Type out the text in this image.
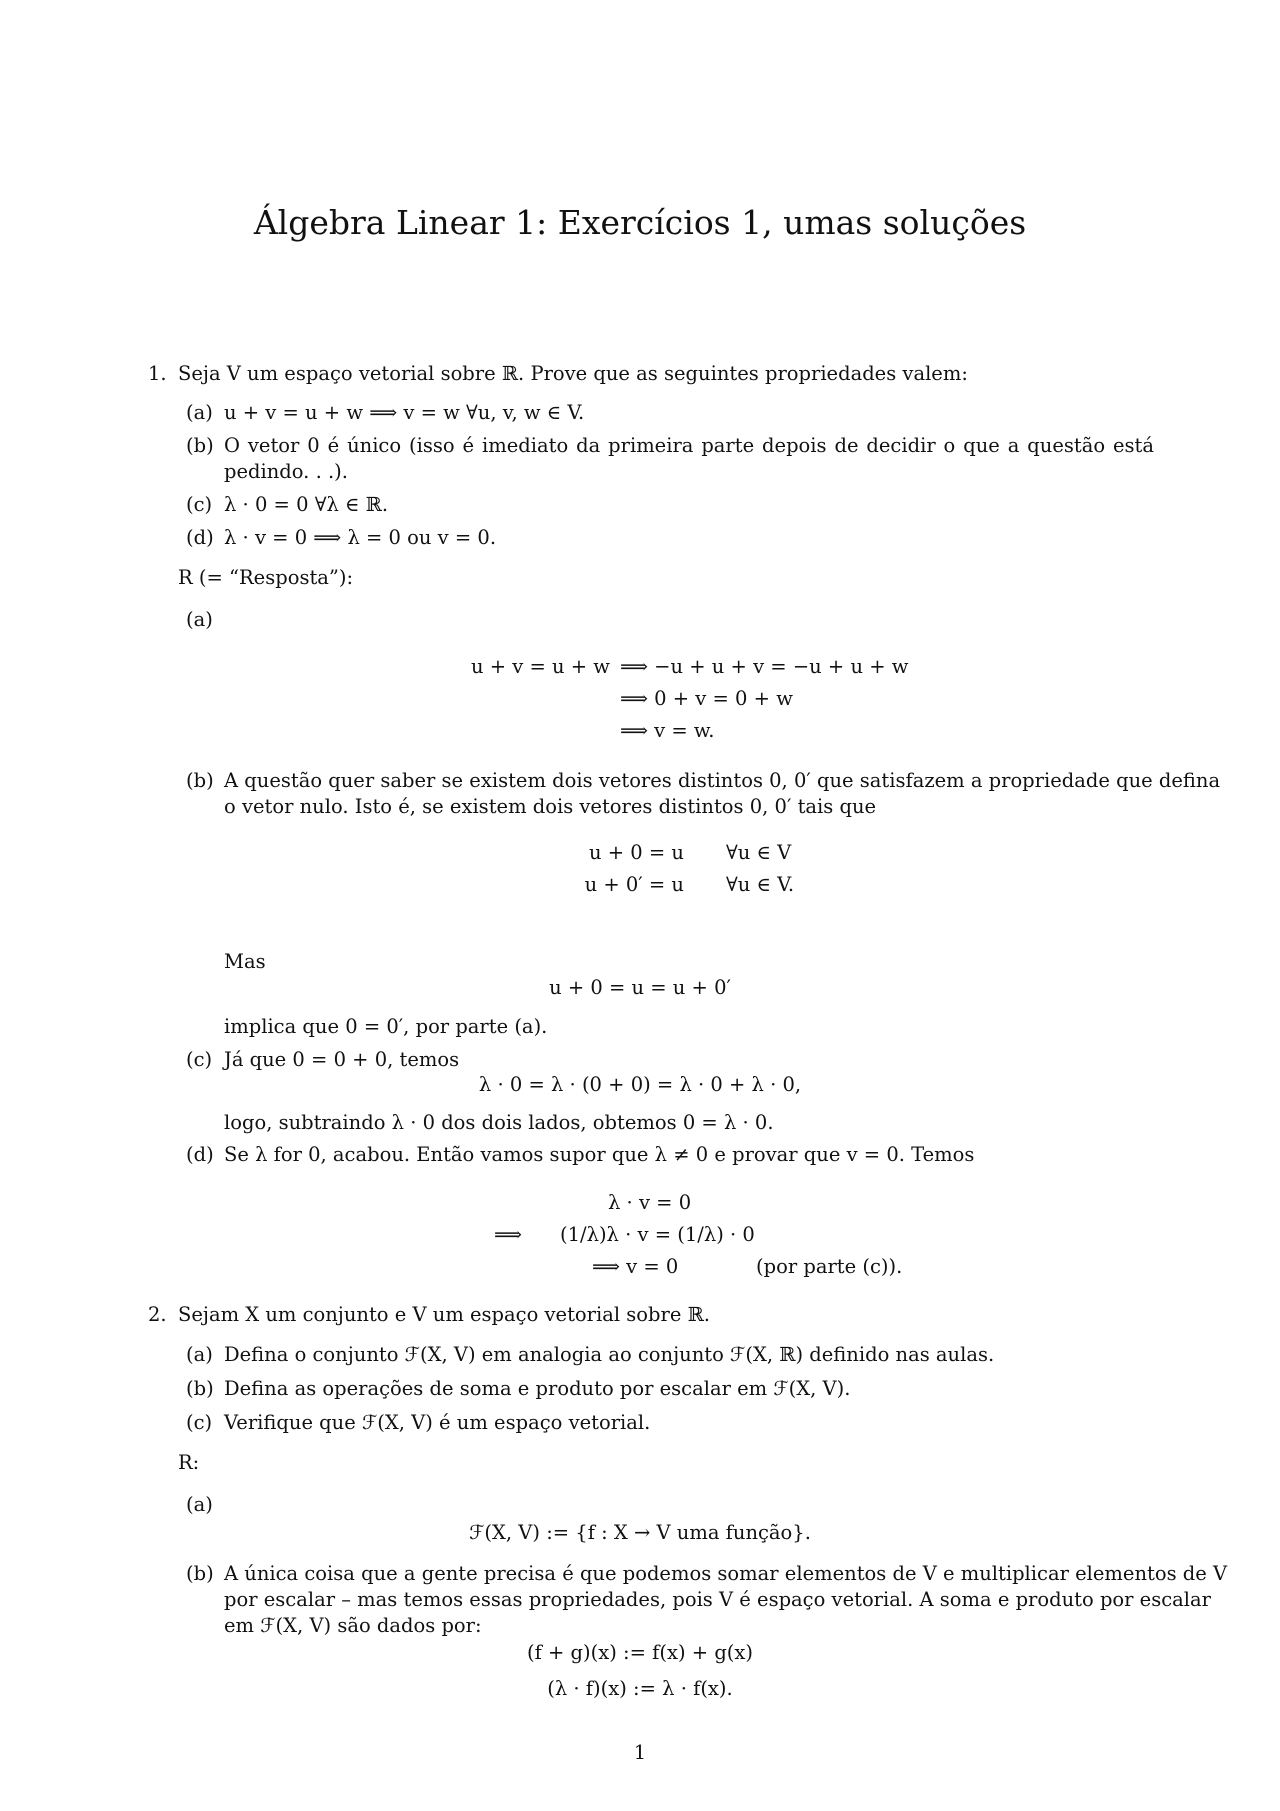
Álgebra Linear 1: Exercícios 1, umas soluções
1. Seja V um espaço vetorial sobre ℝ. Prove que as seguintes propriedades valem:
(a) u + v = u + w ⟹ v = w ∀u, v, w ∈ V.
(b) O vetor 0 é único (isso é imediato da primeira parte depois de decidir o que a questão está
pedindo. . .).
(c) λ · 0 = 0 ∀λ ∈ ℝ.
(d) λ · v = 0 ⟹ λ = 0 ou v = 0.
R (= “Resposta”):
(a)
u + v = u + w ⟹ −u + u + v = −u + u + w
⟹ 0 + v = 0 + w
⟹ v = w.
(b) A questão quer saber se existem dois vetores distintos 0, 0′ que satisfazem a propriedade que defina
o vetor nulo. Isto é, se existem dois vetores distintos 0, 0′ tais que
u + 0 = u ∀u ∈ V
u + 0′ = u ∀u ∈ V.
Mas
u + 0 = u = u + 0′
implica que 0 = 0′, por parte (a).
(c) Já que 0 = 0 + 0, temos
λ · 0 = λ · (0 + 0) = λ · 0 + λ · 0,
logo, subtraindo λ · 0 dos dois lados, obtemos 0 = λ · 0.
(d) Se λ for 0, acabou. Então vamos supor que λ ≠ 0 e provar que v = 0. Temos
λ · v = 0
⟹ (1/λ)λ · v = (1/λ) · 0
⟹ v = 0	(por parte (c)).
2. Sejam X um conjunto e V um espaço vetorial sobre ℝ.
(a) Defina o conjunto ℱ(X, V) em analogia ao conjunto ℱ(X, ℝ) definido nas aulas.
(b) Defina as operações de soma e produto por escalar em ℱ(X, V).
(c) Verifique que ℱ(X, V) é um espaço vetorial.
R:
(a)
ℱ(X, V) := {f : X → V uma função}.
(b) A única coisa que a gente precisa é que podemos somar elementos de V e multiplicar elementos de V
por escalar – mas temos essas propriedades, pois V é espaço vetorial. A soma e produto por escalar
em ℱ(X, V) são dados por:
(f + g)(x) := f(x) + g(x)
(λ · f)(x) := λ · f(x).
1
